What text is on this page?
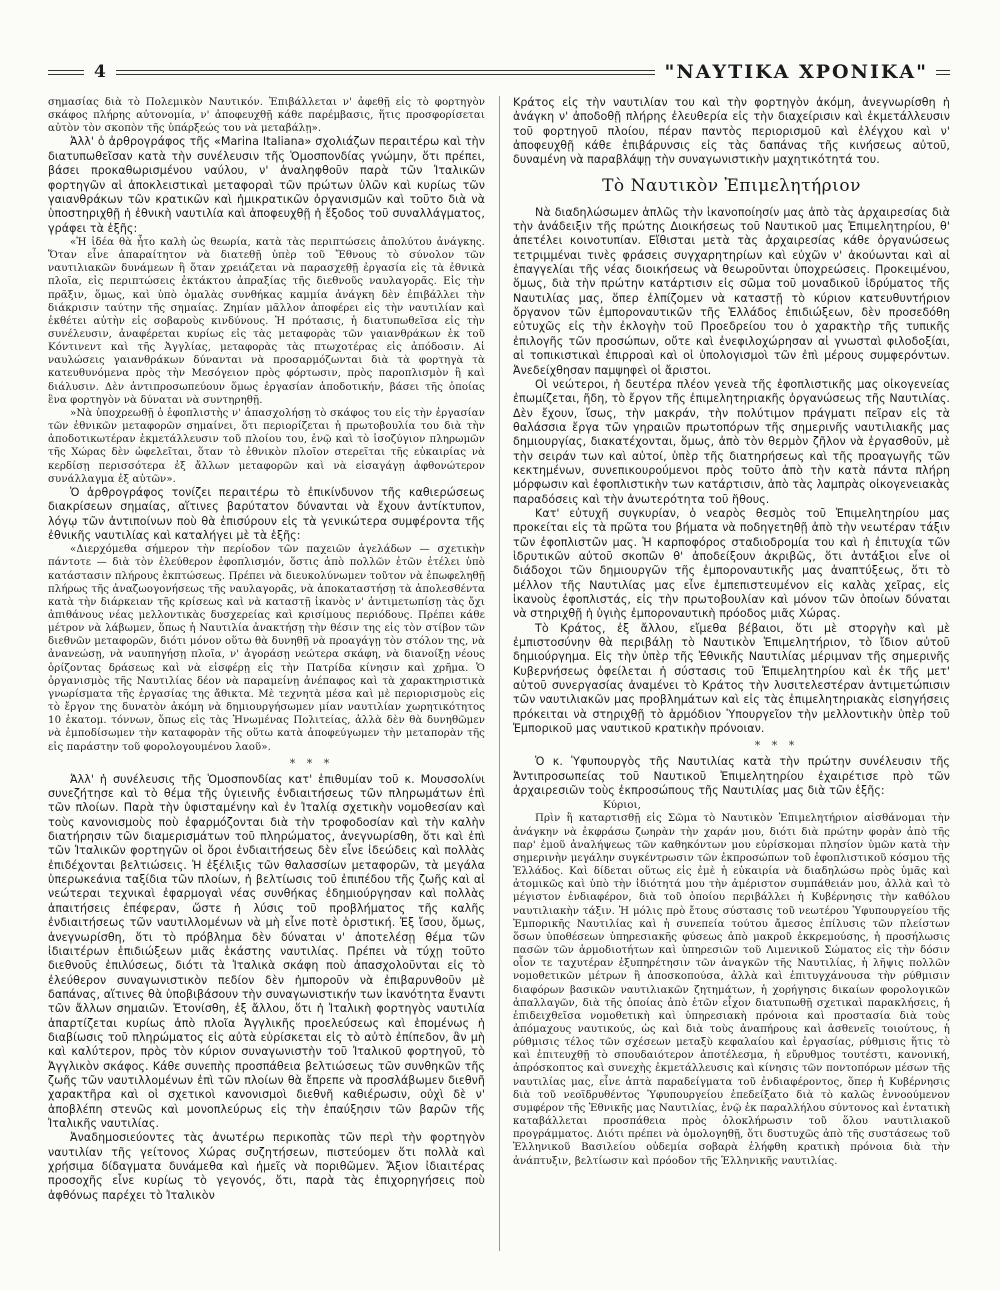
4	"ΝΑΥΤΙΚΑ ΧΡΟΝΙΚΑ"

σημασίας διὰ τὸ Πολεμικὸν Ναυτικόν. Ἐπιβάλλεται ν' ἀφεθῇ εἰς τὸ φορτηγὸν σκάφος πλήρης αὐτονομία, ν' ἀποφευχθῇ κάθε παρέμβασις, ἥτις προσφορίσεται αὐτὸν τὸν σκοπὸν τῆς ὑπάρξεώς του νὰ μεταβάλῃ».

Ἀλλ' ὁ ἀρθρογράφος τῆς «Marina Italiana» σχολιάζων περαιτέρω καὶ τὴν διατυπωθεῖσαν κατὰ τὴν συνέλευσιν τῆς Ὁμοσπονδίας γνώμην, ὅτι πρέπει, βάσει προκαθωρισμένου ναύλου, ν' ἀναληφθοῦν παρὰ τῶν Ἰταλικῶν φορτηγῶν αἱ ἀποκλειστικαὶ μεταφοραὶ τῶν πρώτων ὑλῶν καὶ κυρίως τῶν γαιανθράκων τῶν κρατικῶν καὶ ἡμικρατικῶν ὀργανισμῶν καὶ τοῦτο διὰ νὰ ὑποστηριχθῇ ἡ ἐθνικὴ ναυτιλία καὶ ἀποφευχθῇ ἡ ἔξοδος τοῦ συναλλάγματος, γράφει τὰ ἑξῆς:

«Ἡ ἰδέα θὰ ἦτο καλὴ ὡς θεωρία, κατὰ τὰς περιπτώσεις ἀπολύτου ἀνάγκης. Ὅταν εἶνε ἀπαραίτητον νὰ διατεθῇ ὑπὲρ τοῦ Ἔθνους τὸ σύνολον τῶν ναυτιλιακῶν δυνάμεων ἢ ὅταν χρειάζεται νὰ παρασχεθῇ ἐργασία εἰς τὰ ἐθνικὰ πλοῖα, εἰς περιπτώσεις ἐκτάκτου ἀπραξίας τῆς διεθνοῦς ναυλαγορᾶς. Εἰς τὴν πρᾶξιν, ὅμως, καὶ ὑπὸ ὁμαλὰς συνθήκας καμμία ἀνάγκη δὲν ἐπιβάλλει τὴν διάκρισιν ταύτην τῆς σημαίας. Ζημίαν μᾶλλον ἀποφέρει εἰς τὴν ναυτιλίαν καὶ ἐκθέτει αὐτὴν εἰς σοβαροὺς κινδύνους. Ἡ πρότασις, ἡ διατυπωθεῖσα εἰς τὴν συνέλευσιν, ἀναφέρεται κυρίως εἰς τὰς μεταφορὰς τῶν γαιανθράκων ἐκ τοῦ Κόντινεντ καὶ τῆς Ἀγγλίας, μεταφορὰς τὰς πτωχοτέρας εἰς ἀπόδοσιν. Αἱ ναυλώσεις γαιανθράκων δύνανται νὰ προσαρμόζωνται διὰ τὰ φορτηγὰ τὰ κατευθυνόμενα πρὸς τὴν Μεσόγειον πρὸς φόρτωσιν, πρὸς παροπλισμὸν ἢ καὶ διάλυσιν. Δὲν ἀντιπροσωπεύουν ὅμως ἐργασίαν ἀποδοτικήν, βάσει τῆς ὁποίας ἓνα φορτηγὸν νὰ δύναται νὰ συντηρηθῇ.

»Νὰ ὑποχρεωθῇ ὁ ἐφοπλιστὴς ν' ἀπασχολήσῃ τὸ σκάφος του εἰς τὴν ἐργασίαν τῶν ἐθνικῶν μεταφορῶν σημαίνει, ὅτι περιορίζεται ἡ πρωτοβουλία του διὰ τὴν ἀποδοτικωτέραν ἐκμετάλλευσιν τοῦ πλοίου του, ἐνῷ καὶ τὸ ἰσοζύγιον πληρωμῶν τῆς Χώρας δὲν ὠφελεῖται, ὅταν τὸ ἐθνικὸν πλοῖον στερεῖται τῆς εὐκαιρίας νὰ κερδίσῃ περισσότερα ἐξ ἄλλων μεταφορῶν καὶ νὰ εἰσαγάγῃ ἀφθονώτερον συνάλλαγμα ἐξ αὐτῶν».

Ὁ ἀρθρογράφος τονίζει περαιτέρω τὸ ἐπικίνδυνον τῆς καθιερώσεως διακρίσεων σημαίας, αἵτινες βαρύτατον δύνανται νὰ ἔχουν ἀντίκτυπον, λόγῳ τῶν ἀντιποίνων ποὺ θὰ ἐπισύρουν εἰς τὰ γενικώτερα συμφέροντα τῆς ἐθνικῆς ναυτιλίας καὶ καταλήγει μὲ τὰ ἑξῆς:

«Διερχόμεθα σήμερον τὴν περίοδον τῶν παχειῶν ἀγελάδων — σχετικὴν πάντοτε — διὰ τὸν ἐλεύθερον ἐφοπλισμόν, ὅστις ἀπὸ πολλῶν ἐτῶν ἐτέλει ὑπὸ κατάστασιν πλήρους ἐκπτώσεως. Πρέπει νὰ διευκολύνωμεν τοῦτον νὰ ἐπωφεληθῇ πλήρως τῆς ἀναζωογονήσεως τῆς ναυλαγορᾶς, νὰ ἀποκαταστήσῃ τὰ ἀπολεσθέντα κατὰ τὴν διάρκειαν τῆς κρίσεως καὶ νὰ καταστῇ ἱκανὸς ν' ἀντιμετωπίσῃ τὰς ὄχι ἀπιθάνους νέας μελλοντικὰς δυσχερείας καὶ κρισίμους περιόδους. Πρέπει κάθε μέτρον νὰ λάβωμεν, ὅπως ἡ Ναυτιλία ἀνακτήσῃ τὴν θέσιν της εἰς τὸν στίβον τῶν διεθνῶν μεταφορῶν, διότι μόνον οὕτω θὰ δυνηθῇ νὰ προαγάγῃ τὸν στόλον της, νὰ ἀνανεώσῃ, νὰ ναυπηγήσῃ πλοῖα, ν' ἀγοράσῃ νεώτερα σκάφη, νὰ διανοίξῃ νέους ὁρίζοντας δράσεως καὶ νὰ εἰσφέρῃ εἰς τὴν Πατρίδα κίνησιν καὶ χρῆμα. Ὁ ὀργανισμὸς τῆς Ναυτιλίας δέον νὰ παραμείνῃ ἀνέπαφος καὶ τὰ χαρακτηριστικὰ γνωρίσματα τῆς ἐργασίας της ἄθικτα. Μὲ τεχνητὰ μέσα καὶ μὲ περιορισμοὺς εἰς τὸ ἔργον της δυνατὸν ἀκόμη νὰ δημιουργήσωμεν μίαν ναυτιλίαν χωρητικότητος 10 ἑκατομ. τόννων, ὅπως εἰς τὰς Ἡνωμένας Πολιτείας, ἀλλὰ δὲν θὰ δυνηθῶμεν νὰ ἐμποδίσωμεν τὴν καταφορὰν τῆς οὕτω κατὰ ἀποφεύγωμεν τὴν μεταπορὰν τῆς εἰς παράστην τοῦ φορολογουμένου λαοῦ».

* * *

Ἀλλ' ἡ συνέλευσις τῆς Ὁμοσπονδίας κατ' ἐπιθυμίαν τοῦ κ. Μουσσολίνι συνεζήτησε καὶ τὸ θέμα τῆς ὑγιεινῆς ἐνδιαιτήσεως τῶν πληρωμάτων ἐπὶ τῶν πλοίων. Παρὰ τὴν ὑφισταμένην καὶ ἐν Ἰταλίᾳ σχετικὴν νομοθεσίαν καὶ τοὺς κανονισμοὺς ποὺ ἐφαρμόζονται διὰ τὴν τροφοδοσίαν καὶ τὴν καλὴν διατήρησιν τῶν διαμερισμάτων τοῦ πληρώματος, ἀνεγνωρίσθη, ὅτι καὶ ἐπὶ τῶν Ἰταλικῶν φορτηγῶν οἱ ὅροι ἐνδιαιτήσεως δὲν εἶνε ἰδεώδεις καὶ πολλὰς ἐπιδέχονται βελτιώσεις. Ἡ ἐξέλιξις τῶν θαλασσίων μεταφορῶν, τὰ μεγάλα ὑπερωκεάνια ταξίδια τῶν πλοίων, ἡ βελτίωσις τοῦ ἐπιπέδου τῆς ζωῆς καὶ αἱ νεώτεραι τεχνικαὶ ἐφαρμογαὶ νέας συνθήκας ἐδημιούργησαν καὶ πολλὰς ἀπαιτήσεις ἐπέφεραν, ὥστε ἡ λύσις τοῦ προβλήματος τῆς καλῆς ἐνδιαιτήσεως τῶν ναυτιλλομένων νὰ μὴ εἶνε ποτὲ ὁριστική. Ἐξ ἴσου, ὅμως, ἀνεγνωρίσθη, ὅτι τὸ πρόβλημα δὲν δύναται ν' ἀποτελέσῃ θέμα τῶν ἰδιαιτέρων ἐπιδιώξεων μιᾶς ἑκάστης ναυτιλίας. Πρέπει νὰ τύχῃ τοῦτο διεθνοῦς ἐπιλύσεως, διότι τὰ Ἰταλικὰ σκάφη ποὺ ἀπασχολοῦνται εἰς τὸ ἐλεύθερον συναγωνιστικὸν πεδίον δὲν ἠμποροῦν νὰ ἐπιβαρυνθοῦν μὲ δαπάνας, αἵτινες θὰ ὑποβιβάσουν τὴν συναγωνιστικήν των ἱκανότητα ἔναντι τῶν ἄλλων σημαιῶν. Ἐτονίσθη, ἐξ ἄλλου, ὅτι ἡ Ἰταλικὴ φορτηγὸς ναυτιλία ἀπαρτίζεται κυρίως ἀπὸ πλοῖα Ἀγγλικῆς προελεύσεως καὶ ἑπομένως ἡ διαβίωσις τοῦ πληρώματος εἰς αὐτὰ εὑρίσκεται εἰς τὸ αὐτὸ ἐπίπεδον, ἂν μὴ καὶ καλύτερον, πρὸς τὸν κύριον συναγωνιστὴν τοῦ Ἰταλικοῦ φορτηγοῦ, τὸ Ἀγγλικὸν σκάφος. Κάθε συνεπὴς προσπάθεια βελτιώσεως τῶν συνθηκῶν τῆς ζωῆς τῶν ναυτιλλομένων ἐπὶ τῶν πλοίων θὰ ἔπρεπε νὰ προσλάβωμεν διεθνῆ χαρακτῆρα καὶ οἱ σχετικοὶ κανονισμοὶ διεθνῆ καθιέρωσιν, οὐχὶ δὲ ν' ἀποβλέπη στενῶς καὶ μονοπλεύρως εἰς τὴν ἐπαύξησιν τῶν βαρῶν τῆς Ἰταλικῆς ναυτιλίας.

Ἀναδημοσιεύοντες τὰς ἀνωτέρω περικοπὰς τῶν περὶ τὴν φορτηγὸν ναυτιλίαν τῆς γείτονος Χώρας συζητήσεων, πιστεύομεν ὅτι πολλὰ καὶ χρήσιμα δίδαγματα δυνάμεθα καὶ ἡμεῖς νὰ ποριθῶμεν. Ἄξιον ἰδιαιτέρας προσοχῆς εἶνε κυρίως τὸ γεγονός, ὅτι, παρὰ τὰς ἐπιχορηγήσεις ποὺ ἀφθόνως παρέχει τὸ Ἰταλικὸν

Κράτος εἰς τὴν ναυτιλίαν του καὶ τὴν φορτηγὸν ἀκόμη, ἀνεγνωρίσθη ἡ ἀνάγκη ν' ἀποδοθῇ πλήρης ἐλευθερία εἰς τὴν διαχείρισιν καὶ ἐκμετάλλευσιν τοῦ φορτηγοῦ πλοίου, πέραν παντὸς περιορισμοῦ καὶ ἐλέγχου καὶ ν' ἀποφευχθῇ κάθε ἐπιβάρυνσις εἰς τὰς δαπάνας τῆς κινήσεως αὐτοῦ, δυναμένη νὰ παραβλάψῃ τὴν συναγωνιστικὴν μαχητικότητά του.

Τὸ Ναυτικὸν Ἐπιμελητήριον

Νὰ διαδηλώσωμεν ἁπλῶς τὴν ἱκανοποίησίν μας ἀπὸ τὰς ἀρχαιρεσίας διὰ τὴν ἀνάδειξιν τῆς πρώτης Διοικήσεως τοῦ Ναυτικοῦ μας Ἐπιμελητηρίου, θ' ἀπετέλει κοινοτυπίαν. Εἴθισται μετὰ τὰς ἀρχαιρεσίας κάθε ὀργανώσεως τετριμμέναι τινὲς φράσεις συγχαρητηρίων καὶ εὐχῶν ν' ἀκούωνται καὶ αἱ ἐπαγγελίαι τῆς νέας διοικήσεως νὰ θεωροῦνται ὑποχρεώσεις. Προκειμένου, ὅμως, διὰ τὴν πρώτην κατάρτισιν εἰς σῶμα τοῦ μοναδικοῦ ἱδρύματος τῆς Ναυτιλίας μας, ὅπερ ἐλπίζομεν νὰ καταστῇ τὸ κύριον κατευθυντήριον ὄργανον τῶν ἐμποροναυτικῶν τῆς Ἑλλάδος ἐπιδιώξεων, δὲν προσεδόθη εὐτυχῶς εἰς τὴν ἐκλογὴν τοῦ Προεδρείου του ὁ χαρακτὴρ τῆς τυπικῆς ἐπιλογῆς τῶν προσώπων, οὔτε καὶ ἐνεφιλοχώρησαν αἱ γνωσταὶ φιλοδοξίαι, αἱ τοπικιστικαὶ ἐπιρροαὶ καὶ οἱ ὑπολογισμοὶ τῶν ἐπὶ μέρους συμφερόντων. Ἀνεδείχθησαν παμψηφεὶ οἱ ἄριστοι.

Οἱ νεώτεροι, ἡ δευτέρα πλέον γενεὰ τῆς ἐφοπλιστικῆς μας οἰκογενείας ἐπωμίζεται, ἤδη, τὸ ἔργον τῆς ἐπιμελητηριακῆς ὀργανώσεως τῆς Ναυτιλίας. Δὲν ἔχουν, ἴσως, τὴν μακράν, τὴν πολύτιμον πράγματι πεῖραν εἰς τὰ θαλάσσια ἔργα τῶν γηραιῶν πρωτοπόρων τῆς σημερινῆς ναυτιλιακῆς μας δημιουργίας, διακατέχονται, ὅμως, ἀπὸ τὸν θερμὸν ζῆλον νὰ ἐργασθοῦν, μὲ τὴν σειράν των καὶ αὐτοί, ὑπὲρ τῆς διατηρήσεως καὶ τῆς προαγωγῆς τῶν κεκτημένων, συνεπικουρούμενοι πρὸς τοῦτο ἀπὸ τὴν κατὰ πάντα πλήρη μόρφωσιν καὶ ἐφοπλιστικὴν των κατάρτισιν, ἀπὸ τὰς λαμπρὰς οἰκογενειακὰς παραδόσεις καὶ τὴν ἀνωτερότητα τοῦ ἤθους.

Κατ' εὐτυχῆ συγκυρίαν, ὁ νεαρὸς θεσμὸς τοῦ Ἐπιμελητηρίου μας προκείται εἰς τὰ πρῶτα του βήματα νὰ ποδηγετηθῇ ἀπὸ τὴν νεωτέραν τάξιν τῶν ἐφοπλιστῶν μας. Ἡ καρποφόρος σταδιοδρομία του καὶ ἡ ἐπιτυχία τῶν ἱδρυτικῶν αὐτοῦ σκοπῶν θ' ἀποδείξουν ἀκριβῶς, ὅτι ἀντάξιοι εἶνε οἱ διάδοχοι τῶν δημιουργῶν τῆς ἐμποροναυτικῆς μας ἀναπτύξεως, ὅτι τὸ μέλλον τῆς Ναυτιλίας μας εἶνε ἐμπεπιστευμένον εἰς καλὰς χεῖρας, εἰς ἱκανοὺς ἐφοπλιστάς, εἰς τὴν πρωτοβουλίαν καὶ μόνον τῶν ὁποίων δύναται νὰ στηριχθῇ ἡ ὑγιὴς ἐμποροναυτικὴ πρόοδος μιᾶς Χώρας.

Τὸ Κράτος, ἐξ ἄλλου, εἴμεθα βέβαιοι, ὅτι μὲ στοργὴν καὶ μὲ ἐμπιστοσύνην θὰ περιβάλῃ τὸ Ναυτικὸν Ἐπιμελητήριον, τὸ ἴδιον αὐτοῦ δημιούργημα. Εἰς τὴν ὑπὲρ τῆς Ἐθνικῆς Ναυτιλίας μέριμναν τῆς σημερινῆς Κυβερνήσεως ὀφείλεται ἡ σύστασις τοῦ Ἐπιμελητηρίου καὶ ἐκ τῆς μετ' αὐτοῦ συνεργασίας ἀναμένει τὸ Κράτος τὴν λυσιτελεστέραν ἀντιμετώπισιν τῶν ναυτιλιακῶν μας προβλημάτων καὶ εἰς τὰς ἐπιμελητηριακὰς εἰσηγήσεις πρόκειται νὰ στηριχθῇ τὸ ἁρμόδιον Ὑπουργεῖον τὴν μελλοντικὴν ὑπὲρ τοῦ Ἐμπορικοῦ μας ναυτικοῦ κρατικὴν πρόνοιαν.

* * *

Ὁ κ. Ὑφυπουργὸς τῆς Ναυτιλίας κατὰ τὴν πρώτην συνέλευσιν τῆς Ἀντιπροσωπείας τοῦ Ναυτικοῦ Ἐπιμελητηρίου ἐχαιρέτισε πρὸ τῶν ἀρχαιρεσιῶν τοὺς ἐκπροσώπους τῆς Ναυτιλίας μας διὰ τῶν ἑξῆς:

Κύριοι,

Πρὶν ἢ καταρτισθῇ εἰς Σῶμα τὸ Ναυτικὸν Ἐπιμελητήριον αἰσθάνομαι τὴν ἀνάγκην νὰ ἐκφράσω ζωηρὰν τὴν χαράν μου, διότι διὰ πρώτην φορὰν ἀπὸ τῆς παρ' ἐμοῦ ἀναλήψεως τῶν καθηκόντων μου εὑρίσκομαι πλησίον ὑμῶν κατὰ τὴν σημερινὴν μεγάλην συγκέντρωσιν τῶν ἐκπροσώπων τοῦ ἐφοπλιστικοῦ κόσμου τῆς Ἑλλάδος. Καὶ δίδεται οὕτως εἰς ἐμὲ ἡ εὐκαιρία νὰ διαδηλώσω πρὸς ὑμᾶς καὶ ἀτομικῶς καὶ ὑπὸ τὴν ἰδιότητά μου τὴν ἀμέριστον συμπάθειάν μου, ἀλλὰ καὶ τὸ μέγιστον ἐνδιαφέρον, διὰ τοῦ ὁποίου περιβάλλει ἡ Κυβέρνησις τὴν καθόλου ναυτιλιακὴν τάξιν. Ἡ μόλις πρὸ ἔτους σύστασις τοῦ νεωτέρου Ὑφυπουργείου τῆς Ἐμπορικῆς Ναυτιλίας καὶ ἡ συνεπεία τούτου ἄμεσος ἐπίλυσις τῶν πλείστων ὅσων ὑποθέσεων ὑπηρεσιακῆς φύσεως ἀπὸ μακροῦ ἐκκρεμούσης, ἡ προσήλωσις πασῶν τῶν ἁρμοδιοτήτων καὶ ὑπηρεσιῶν τοῦ Λιμενικοῦ Σώματος εἰς τὴν δόσιν οἷον τε ταχυτέραν ἐξυπηρέτησιν τῶν ἀναγκῶν τῆς Ναυτιλίας, ἡ λῆψις πολλῶν νομοθετικῶν μέτρων ἢ ἀποσκοπούσα, ἀλλὰ καὶ ἐπιτυγχάνουσα τὴν ρύθμισιν διαφόρων βασικῶν ναυτιλιακῶν ζητημάτων, ἡ χορήγησις δικαίων φορολογικῶν ἀπαλλαγῶν, διὰ τῆς ὁποίας ἀπὸ ἐτῶν εἶχον διατυπωθῇ σχετικαὶ παρακλήσεις, ἡ ἐπιδειχθεῖσα νομοθετικὴ καὶ ὑπηρεσιακὴ πρόνοια καὶ προστασία διὰ τοὺς ἀπόμαχους ναυτικούς, ὡς καὶ διὰ τοὺς ἀναπήρους καὶ ἀσθενεῖς τοιούτους, ἡ ρύθμισις τέλος τῶν σχέσεων μεταξὺ κεφαλαίου καὶ ἐργασίας, ρύθμισις ἥτις τὸ καὶ ἐπιτευχθῇ τὸ σπουδαιότερον ἀποτέλεσμα, ἡ εὔρυθμος τουτέστι, κανονική, ἀπρόσκοπτος καὶ συνεχὴς ἐκμετάλλευσις καὶ κίνησις τῶν ποντοπόρων μέσων τῆς ναυτιλίας μας, εἶνε ἁπτὰ παραδείγματα τοῦ ἐνδιαφέροντος, ὅπερ ἡ Κυβέρνησις διὰ τοῦ νεοϊδρυθέντος Ὑφυπουργείου ἐπεδείξατο διὰ τὸ καλῶς ἐννοούμενον συμφέρον τῆς Ἐθνικῆς μας Ναυτιλίας, ἐνῷ ἐκ παραλλήλου σύντονος καὶ ἐντατικὴ καταβάλλεται προσπάθεια πρὸς ὁλοκλήρωσιν τοῦ ὅλου ναυτιλιακοῦ προγράμματος. Διότι πρέπει νὰ ὁμολογηθῇ, ὅτι δυστυχῶς ἀπὸ τῆς συστάσεως τοῦ Ἑλληνικοῦ Βασιλείου οὐδεμία σοβαρὰ ἐλήφθη κρατικὴ πρόνοια διὰ τὴν ἀνάπτυξιν, βελτίωσιν καὶ πρόοδον τῆς Ἑλληνικῆς ναυτιλίας.
